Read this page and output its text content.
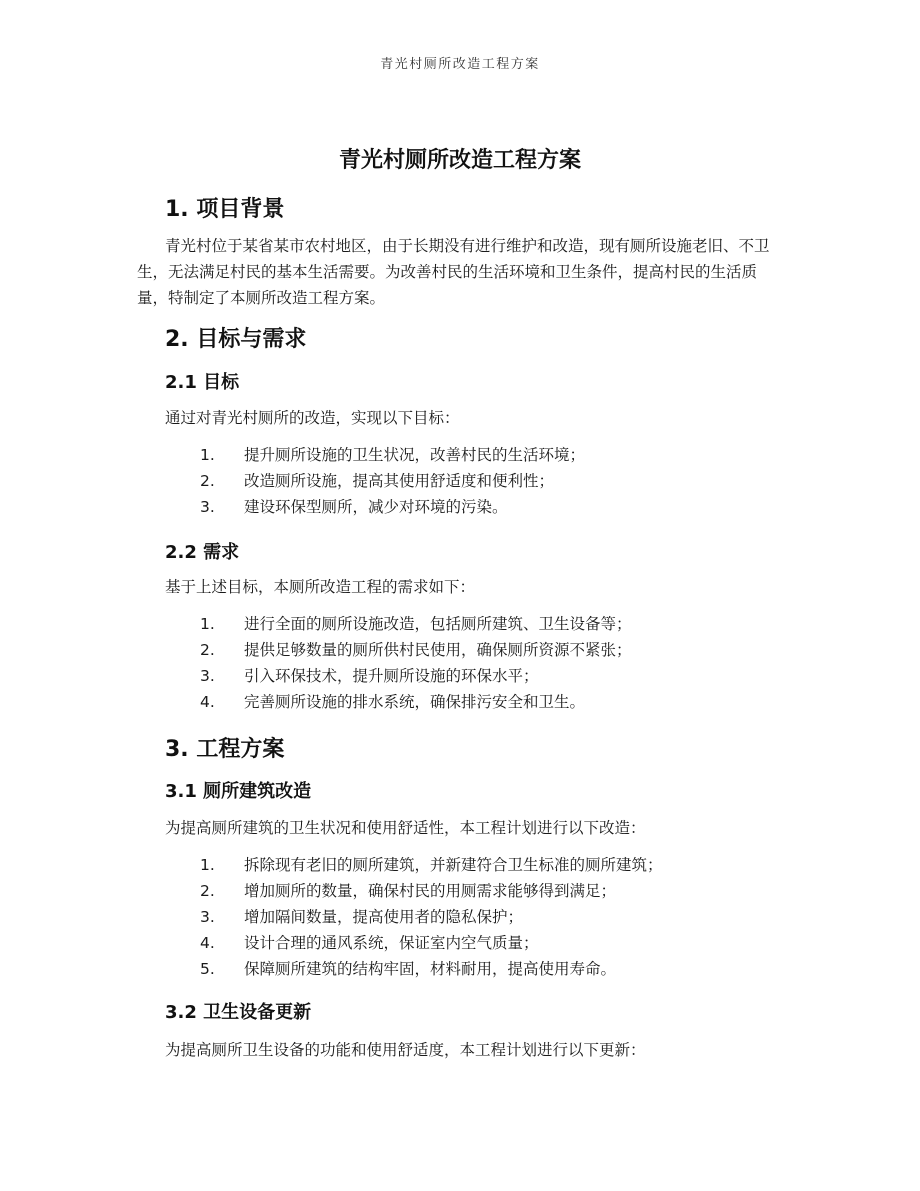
青光村厕所改造工程方案
青光村厕所改造工程方案
1. 项目背景
青光村位于某省某市农村地区，由于长期没有进行维护和改造，现有厕所设施老旧、不卫生，无法满足村民的基本生活需要。为改善村民的生活环境和卫生条件，提高村民的生活质量，特制定了本厕所改造工程方案。
2. 目标与需求
2.1 目标
通过对青光村厕所的改造，实现以下目标：
1. 提升厕所设施的卫生状况，改善村民的生活环境；
2. 改造厕所设施，提高其使用舒适度和便利性；
3. 建设环保型厕所，减少对环境的污染。
2.2 需求
基于上述目标，本厕所改造工程的需求如下：
1. 进行全面的厕所设施改造，包括厕所建筑、卫生设备等；
2. 提供足够数量的厕所供村民使用，确保厕所资源不紧张；
3. 引入环保技术，提升厕所设施的环保水平；
4. 完善厕所设施的排水系统，确保排污安全和卫生。
3. 工程方案
3.1 厕所建筑改造
为提高厕所建筑的卫生状况和使用舒适性，本工程计划进行以下改造：
1. 拆除现有老旧的厕所建筑，并新建符合卫生标准的厕所建筑；
2. 增加厕所的数量，确保村民的用厕需求能够得到满足；
3. 增加隔间数量，提高使用者的隐私保护；
4. 设计合理的通风系统，保证室内空气质量；
5. 保障厕所建筑的结构牢固，材料耐用，提高使用寿命。
3.2 卫生设备更新
为提高厕所卫生设备的功能和使用舒适度，本工程计划进行以下更新：
